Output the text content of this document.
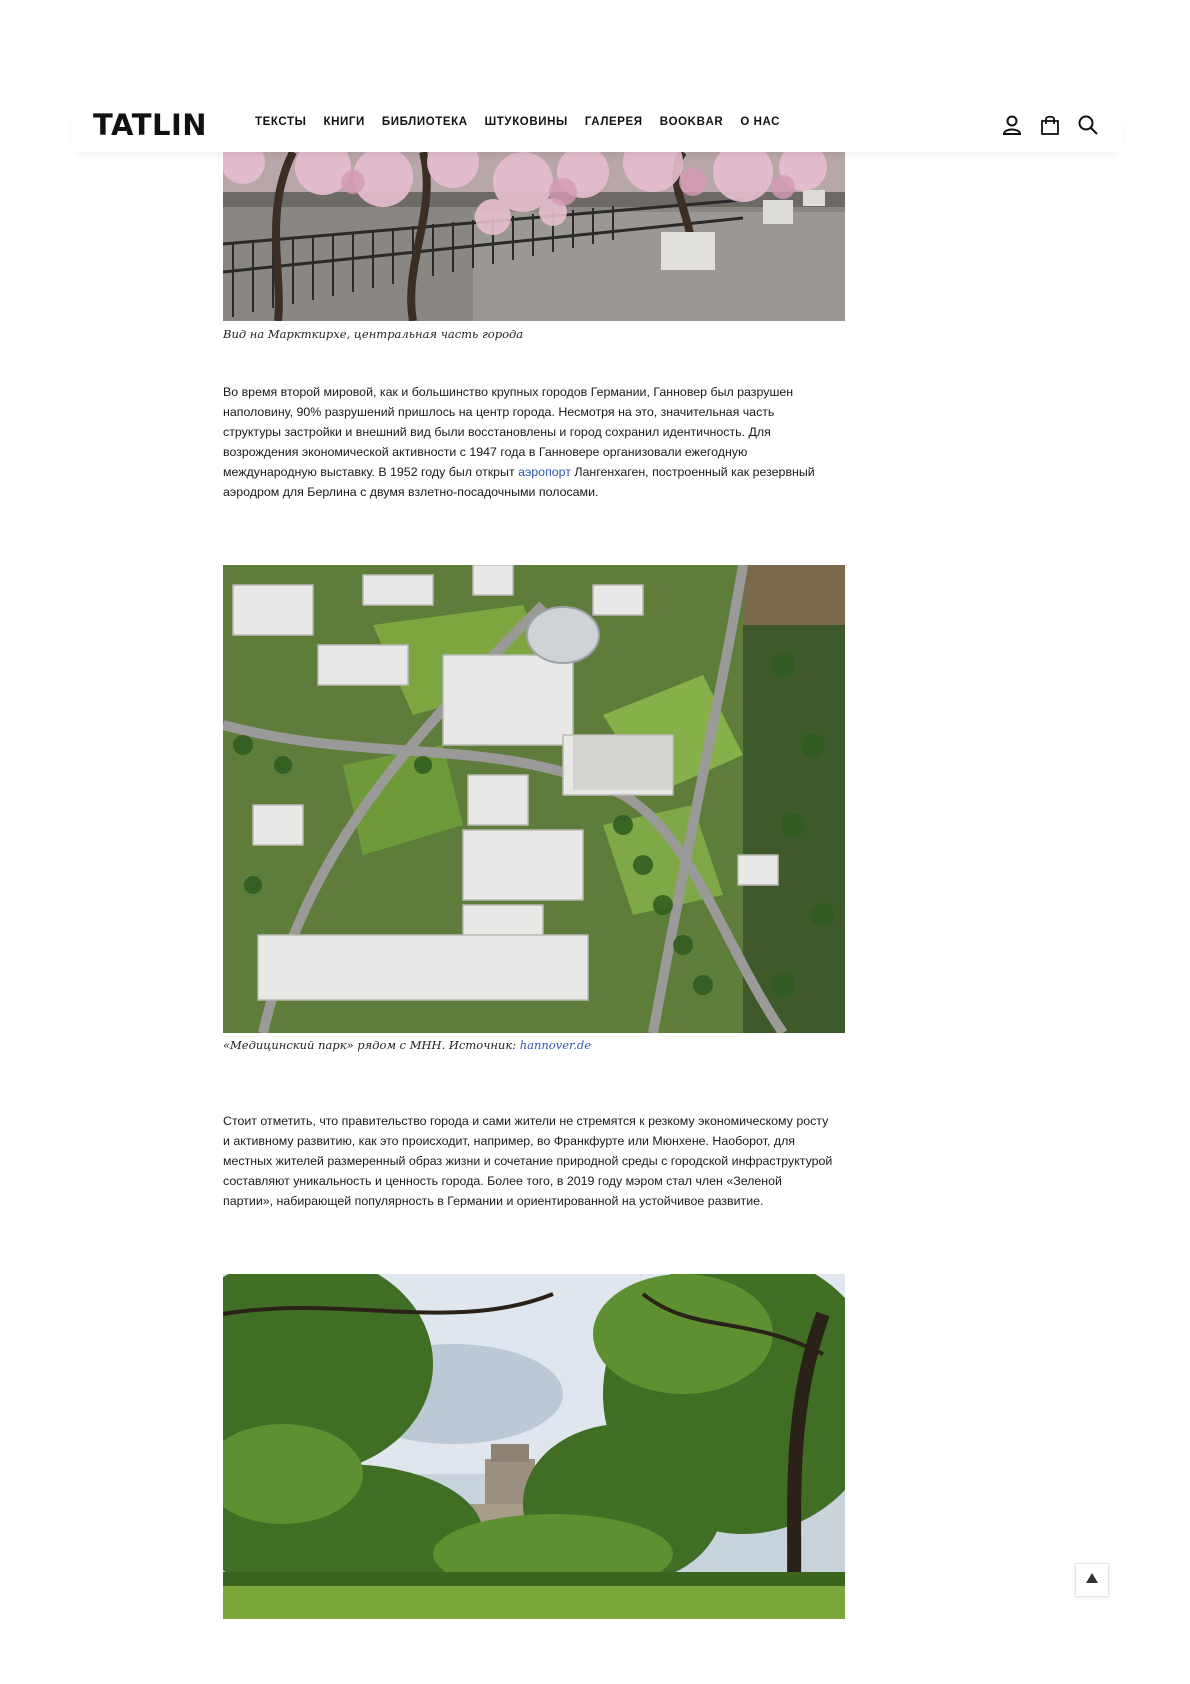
TATLIN	ТЕКСТЫ КНИГИ БИБЛИОТЕКА ШТУКОВИНЫ ГАЛЕРЕЯ BOOKBAR О НАС
Вид на Маркткирхе, центральная часть города
Во время второй мировой, как и большинство крупных городов Германии, Ганновер был разрушен наполовину, 90% разрушений пришлось на центр города. Несмотря на это, значительная часть структуры застройки и внешний вид были восстановлены и город сохранил идентичность. Для возрождения экономической активности с 1947 года в Ганновере организовали ежегодную международную выставку. В 1952 году был открыт аэропорт Лангенхаген, построенный как резервный аэродром для Берлина с двумя взлетно-посадочными полосами.
«Медицинский парк» рядом с МНН. Источник: hannover.de
Стоит отметить, что правительство города и сами жители не стремятся к резкому экономическому росту и активному развитию, как это происходит, например, во Франкфурте или Мюнхене. Наоборот, для местных жителей размеренный образ жизни и сочетание природной среды с городской инфраструктурой составляют уникальность и ценность города. Более того, в 2019 году мэром стал член «Зеленой партии», набирающей популярность в Германии и ориентированной на устойчивое развитие.
